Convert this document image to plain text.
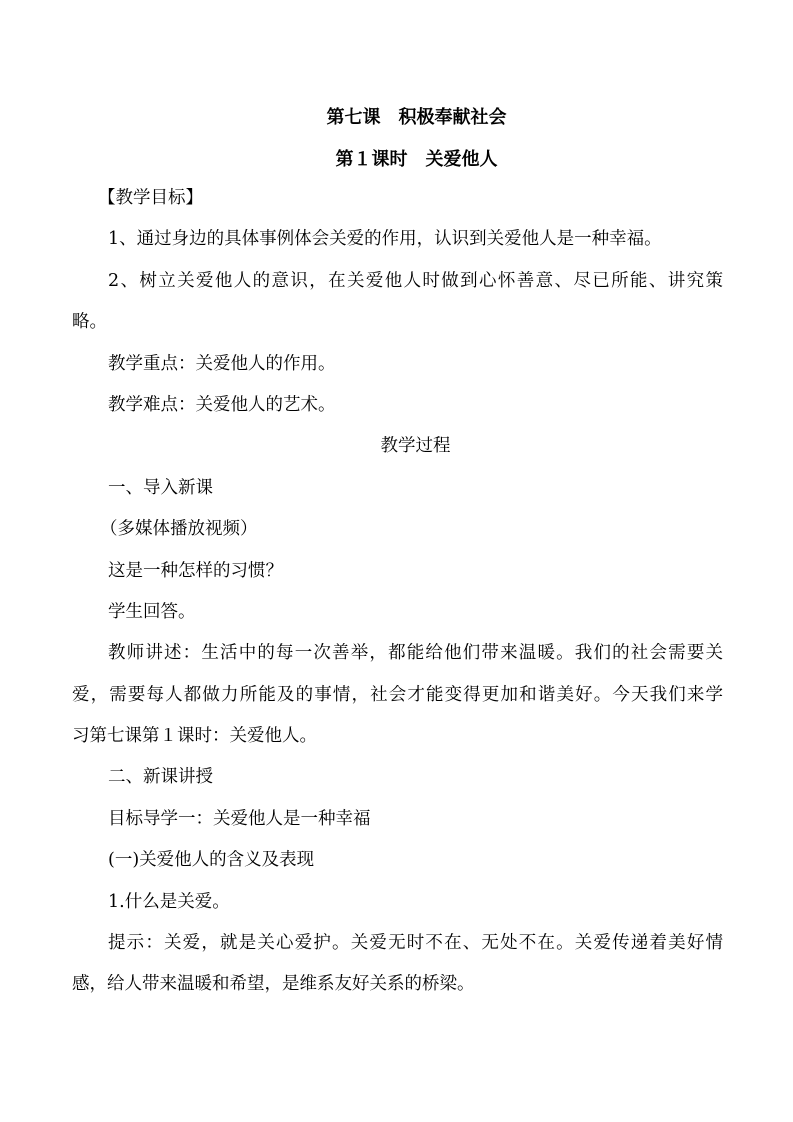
第七课　积极奉献社会

第１课时　关爱他人

【教学目标】

1、通过身边的具体事例体会关爱的作用，认识到关爱他人是一种幸福。

2、树立关爱他人的意识，在关爱他人时做到心怀善意、尽已所能、讲究策

略。

教学重点：关爱他人的作用。

教学难点：关爱他人的艺术。

教学过程

一、导入新课

（多媒体播放视频）

这是一种怎样的习惯？

学生回答。

教师讲述：生活中的每一次善举，都能给他们带来温暖。我们的社会需要关

爱，需要每人都做力所能及的事情，社会才能变得更加和谐美好。今天我们来学

习第七课第１课时：关爱他人。

二、新课讲授

目标导学一：关爱他人是一种幸福

(一)关爱他人的含义及表现

1.什么是关爱。

提示：关爱，就是关心爱护。关爱无时不在、无处不在。关爱传递着美好情

感，给人带来温暖和希望，是维系友好关系的桥梁。
